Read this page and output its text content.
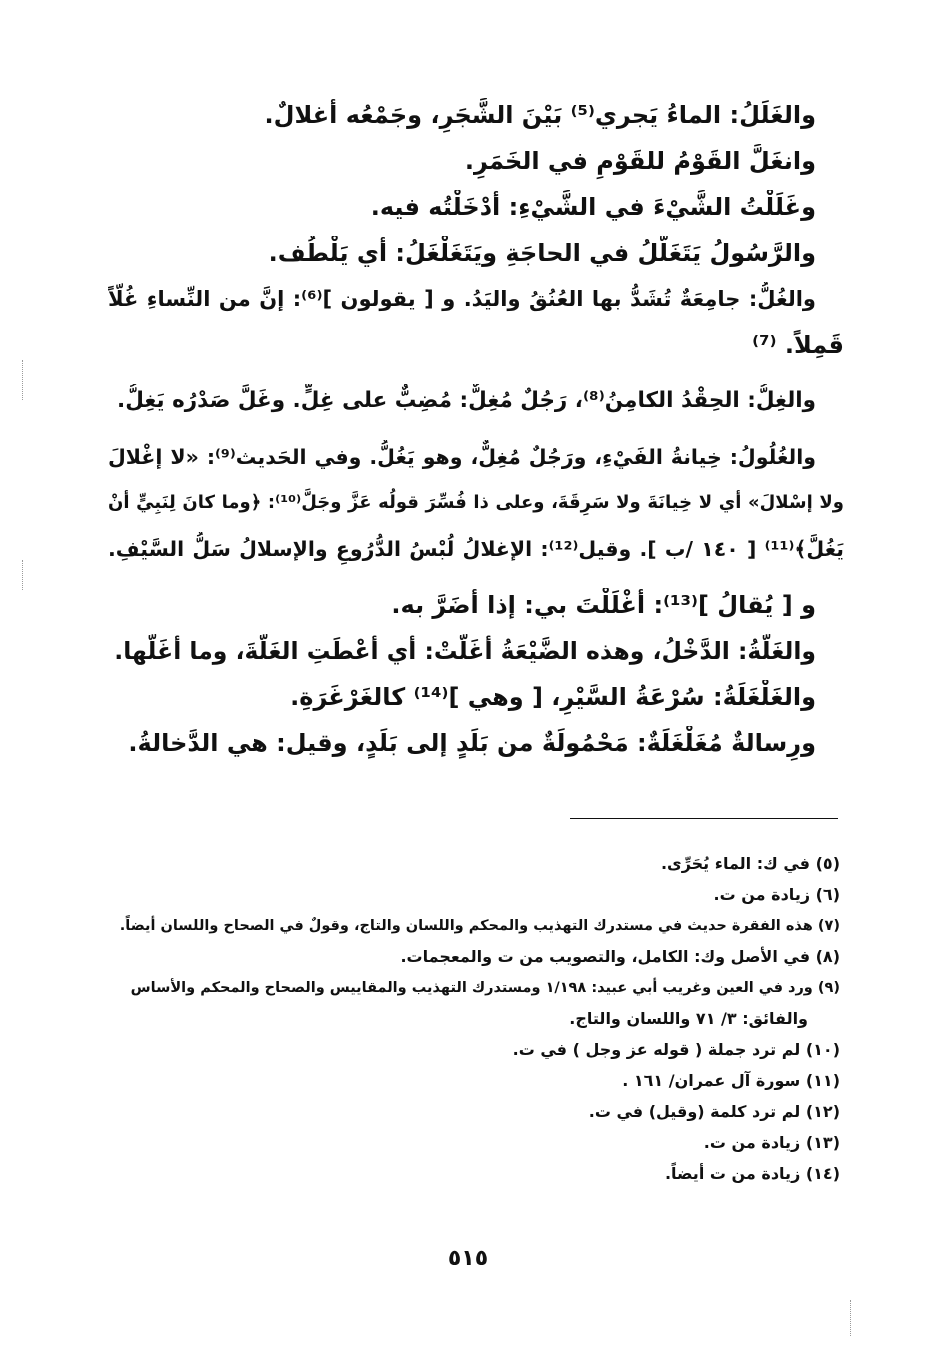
والغَلَلُ: الماءُ يَجري⁽⁵⁾ بَيْنَ الشَّجَرِ، وجَمْعُه أغلالٌ.
وانغَلَّ القَوْمُ للقَوْمِ في الخَمَرِ.
وغَلَلْتُ الشَّيْءَ في الشَّيْءِ: أدْخَلْتُه فيه.
والرَّسُولُ يَتَغَلَّلُ في الحاجَةِ ويَتَغَلْغَلُ: أي يَلْطُف.
والغُلُّ: جامِعَةٌ تُشَدُّ بها العُنُقُ واليَدُ. و [ يقولون ]⁽⁶⁾: إنَّ من النِّساءِ غُلّاً
قَمِلاً. ⁽⁷⁾
والغِلُّ: الحِقْدُ الكامِنُ⁽⁸⁾، رَجُلٌ مُغِلٌّ: مُضِبٌّ على غِلٍّ. وغَلَّ صَدْرُه يَغِلُّ.
والغُلُولُ: خِيانةُ الفَيْءِ، ورَجُلٌ مُغِلٌّ، وهو يَغُلُّ. وفي الحَديث⁽⁹⁾: «لا إغْلالَ
ولا إسْلالَ» أي لا خِيانَةَ ولا سَرِقَةَ، وعلى ذا فُسِّرَ قولُه عَزَّ وجَلَّ⁽¹⁰⁾: ﴿وما كانَ لِنَبِيٍّ أنْ
يَغُلَّ﴾⁽¹¹⁾ [ ١٤٠ /ب ]. وقيل⁽¹²⁾: الإغلالُ لُبْسُ الدُّرُوعِ والإسلالُ سَلُّ السَّيْفِ.
و [ يُقالُ ]⁽¹³⁾: أغْلَلْتَ بي: إذا أضَرَّ به.
والغَلَّةُ: الدَّخْلُ، وهذه الضَّيْعَةُ أغَلَّتْ: أي أعْطَتِ الغَلَّةَ، وما أغَلَّها.
والغَلْغَلَةُ: سُرْعَةُ السَّيْرِ، [ وهي ]⁽¹⁴⁾ كالغَرْغَرَةِ.
ورِسالةٌ مُغَلْغَلَةٌ: مَحْمُولَةٌ من بَلَدٍ إلى بَلَدٍ، وقيل: هي الدَّخالةُ.
(٥) في ك: الماء يُحَرِّى.
(٦) زيادة من ت.
(٧) هذه الفقرة حديث في مستدرك التهذيب والمحكم واللسان والتاج، وقولٌ في الصحاح واللسان أيضاً.
(٨) في الأصل وك: الكامل، والتصويب من ت والمعجمات.
(٩) ورد في العين وغريب أبي عبيد: ١/١٩٨ ومستدرك التهذيب والمقاييس والصحاح والمحكم والأساس
والفائق: ٣/ ٧١ واللسان والتاج.
(١٠) لم ترد جملة ( قوله عز وجل ) في ت.
(١١) سورة آل عمران/ ١٦١ .
(١٢) لم ترد كلمة (وقيل) في ت.
(١٣) زيادة من ت.
(١٤) زيادة من ت أيضاً.
٥١٥
